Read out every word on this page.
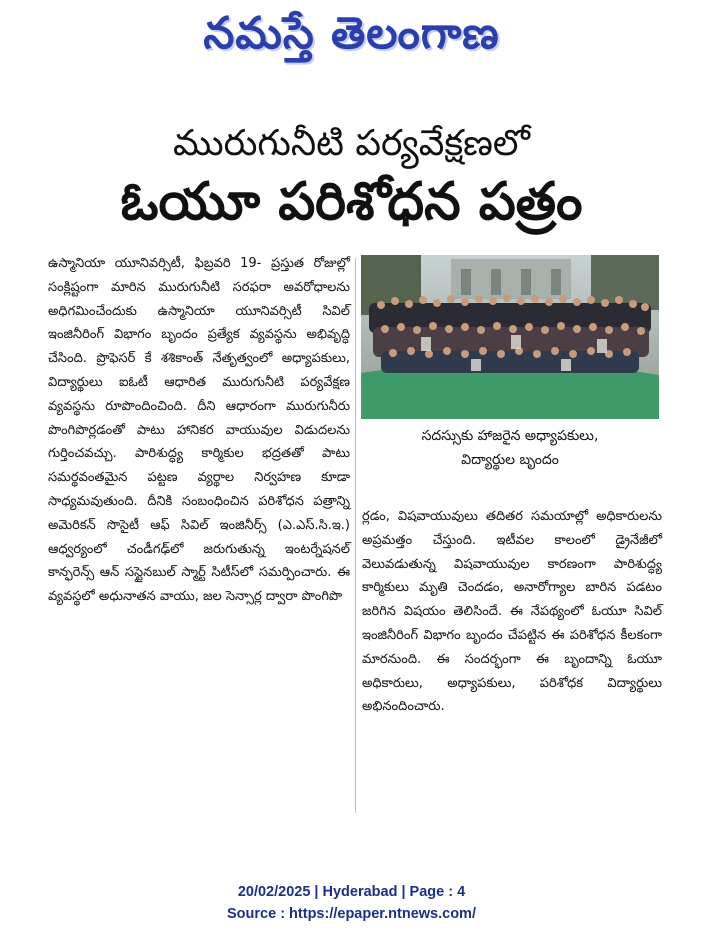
నమస్తే తెలంగాణ
మురుగునీటి పర్యవేక్షణలో
ఓయూ పరిశోధన పత్రం

ఉస్మానియా యూనివర్సిటీ, ఫిబ్రవరి 19- ప్రస్తుత రోజుల్లో సంక్లిష్టంగా మారిన మురుగునీటి సరఫరా అవరోధాలను అధిగమించేందుకు ఉస్మానియా యూనివర్సిటీ సివిల్ ఇంజినీరింగ్ విభాగం బృందం ప్రత్యేక వ్యవస్థను అభివృద్ధి చేసింది. ప్రొఫెసర్ కే శశికాంత్ నేతృత్వంలో అధ్యాపకులు, విద్యార్థులు ఐఓటీ ఆధారిత మురుగునీటి పర్యవేక్షణ వ్యవస్థను రూపొందించింది. దీని ఆధారంగా మురుగునీరు పొంగిపొర్లడంతో పాటు హానికర వాయువుల విడుదలను గుర్తించవచ్చు. పారిశుద్ధ్య కార్మికుల భద్రతతో పాటు సమర్థవంతమైన పట్టణ వ్యర్థాల నిర్వహణ కూడా సాధ్యమవుతుంది. దీనికి సంబంధించిన పరిశోధన పత్రాన్ని అమెరికన్ సొసైటీ ఆఫ్ సివిల్ ఇంజినీర్స్ (ఎ.ఎస్.సి.ఇ.) ఆధ్వర్యంలో చండీగఢ్‌లో జరుగుతున్న ఇంటర్నేషనల్ కాన్ఫరెన్స్ ఆన్ సస్టైనబుల్ స్మార్ట్ సిటీస్‌లో సమర్పించారు. ఈ వ్యవస్థలో అధునాతన వాయు, జల సెన్సార్ల ద్వారా పొంగిపొ

సదస్సుకు హాజరైన అధ్యాపకులు,
విద్యార్థుల బృందం

ర్లడం, విషవాయువులు తదితర సమయాల్లో అధికారులను అప్రమత్తం చేస్తుంది. ఇటీవల కాలంలో డ్రైనేజీలో వెలువడుతున్న విషవాయువుల కారణంగా పారిశుద్ధ్య కార్మికులు మృతి చెందడం, అనారోగ్యాల బారిన పడటం జరిగిన విషయం తెలిసిందే. ఈ నేపథ్యంలో ఓయూ సివిల్ ఇంజినీరింగ్ విభాగం బృందం చేపట్టిన ఈ పరిశోధన కీలకంగా మారనుంది. ఈ సందర్భంగా ఈ బృందాన్ని ఓయూ అధికారులు, అధ్యాపకులు, పరిశోధక విద్యార్థులు అభినందించారు.

20/02/2025 | Hyderabad | Page : 4
Source : https://epaper.ntnews.com/
